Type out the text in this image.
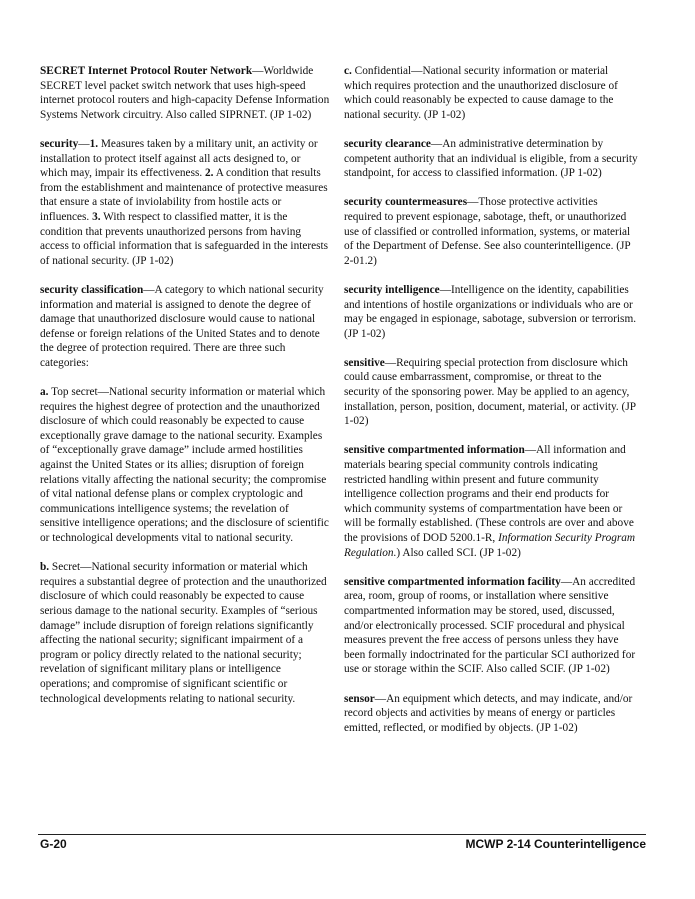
SECRET Internet Protocol Router Network—Worldwide SECRET level packet switch network that uses high-speed internet protocol routers and high-capacity Defense Information Systems Network circuitry. Also called SIPRNET. (JP 1-02)

security—1. Measures taken by a military unit, an activity or installation to protect itself against all acts designed to, or which may, impair its effectiveness. 2. A condition that results from the establishment and maintenance of protective measures that ensure a state of inviolability from hostile acts or influences. 3. With respect to classified matter, it is the condition that prevents unauthorized persons from having access to official information that is safeguarded in the interests of national security. (JP 1-02)

security classification—A category to which national security information and material is assigned to denote the degree of damage that unauthorized disclosure would cause to national defense or foreign relations of the United States and to denote the degree of protection required. There are three such categories:

a. Top secret—National security information or material which requires the highest degree of protection and the unauthorized disclosure of which could reasonably be expected to cause exceptionally grave damage to the national security. Examples of “exceptionally grave damage” include armed hostilities against the United States or its allies; disruption of foreign relations vitally affecting the national security; the compromise of vital national defense plans or complex cryptologic and communications intelligence systems; the revelation of sensitive intelligence operations; and the disclosure of scientific or technological developments vital to national security.

b. Secret—National security information or material which requires a substantial degree of protection and the unauthorized disclosure of which could reasonably be expected to cause serious damage to the national security. Examples of “serious damage” include disruption of foreign relations significantly affecting the national security; significant impairment of a program or policy directly related to the national security; revelation of significant military plans or intelligence operations; and compromise of significant scientific or technological developments relating to national security.

c. Confidential—National security information or material which requires protection and the unauthorized disclosure of which could reasonably be expected to cause damage to the national security. (JP 1-02)

security clearance—An administrative determination by competent authority that an individual is eligible, from a security standpoint, for access to classified information. (JP 1-02)

security countermeasures—Those protective activities required to prevent espionage, sabotage, theft, or unauthorized use of classified or controlled information, systems, or material of the Department of Defense. See also counterintelligence. (JP 2-01.2)

security intelligence—Intelligence on the identity, capabilities and intentions of hostile organizations or individuals who are or may be engaged in espionage, sabotage, subversion or terrorism. (JP 1-02)

sensitive—Requiring special protection from disclosure which could cause embarrassment, compromise, or threat to the security of the sponsoring power. May be applied to an agency, installation, person, position, document, material, or activity. (JP 1-02)

sensitive compartmented information—All information and materials bearing special community controls indicating restricted handling within present and future community intelligence collection programs and their end products for which community systems of compartmentation have been or will be formally established. (These controls are over and above the provisions of DOD 5200.1-R, Information Security Program Regulation.) Also called SCI. (JP 1-02)

sensitive compartmented information facility—An accredited area, room, group of rooms, or installation where sensitive compartmented information may be stored, used, discussed, and/or electronically processed. SCIF procedural and physical measures prevent the free access of persons unless they have been formally indoctrinated for the particular SCI authorized for use or storage within the SCIF. Also called SCIF. (JP 1-02)

sensor—An equipment which detects, and may indicate, and/or record objects and activities by means of energy or particles emitted, reflected, or modified by objects. (JP 1-02)

G-20	MCWP 2-14 Counterintelligence
